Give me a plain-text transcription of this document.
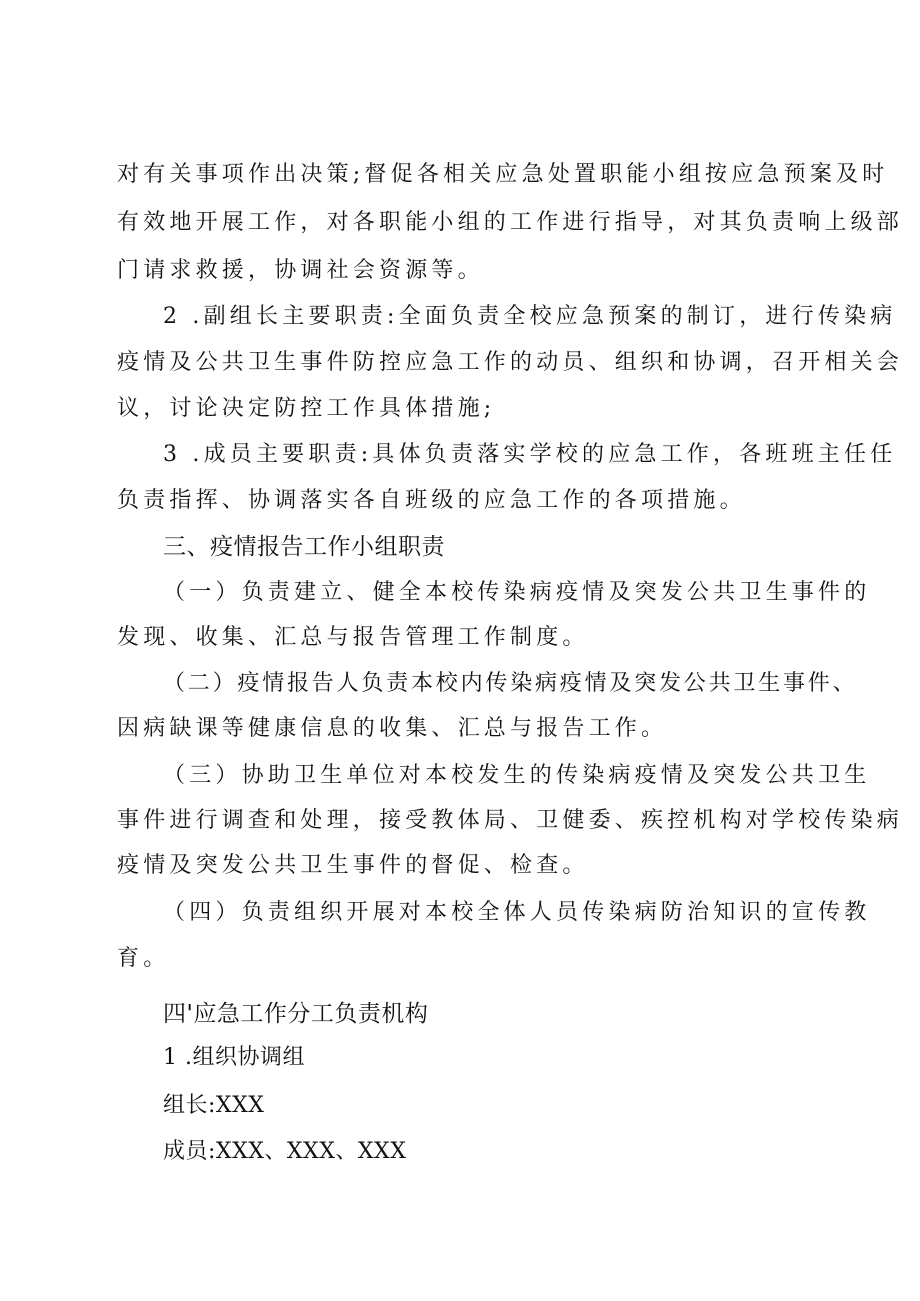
对有关事项作出决策;督促各相关应急处置职能小组按应急预案及时
有效地开展工作，对各职能小组的工作进行指导，对其负责响上级部
门请求救援，协调社会资源等。
2 .副组长主要职责:全面负责全校应急预案的制订，进行传染病
疫情及公共卫生事件防控应急工作的动员、组织和协调，召开相关会
议，讨论决定防控工作具体措施;
3 .成员主要职责:具体负责落实学校的应急工作，各班班主任任
负责指挥、协调落实各自班级的应急工作的各项措施。
三、疫情报告工作小组职责
（一）负责建立、健全本校传染病疫情及突发公共卫生事件的
发现、收集、汇总与报告管理工作制度。
（二）疫情报告人负责本校内传染病疫情及突发公共卫生事件、
因病缺课等健康信息的收集、汇总与报告工作。
（三）协助卫生单位对本校发生的传染病疫情及突发公共卫生
事件进行调查和处理，接受教体局、卫健委、疾控机构对学校传染病
疫情及突发公共卫生事件的督促、检查。
（四）负责组织开展对本校全体人员传染病防治知识的宣传教
育。
四'应急工作分工负责机构
1 .组织协调组
组长:XXX
成员:XXX、XXX、XXX
